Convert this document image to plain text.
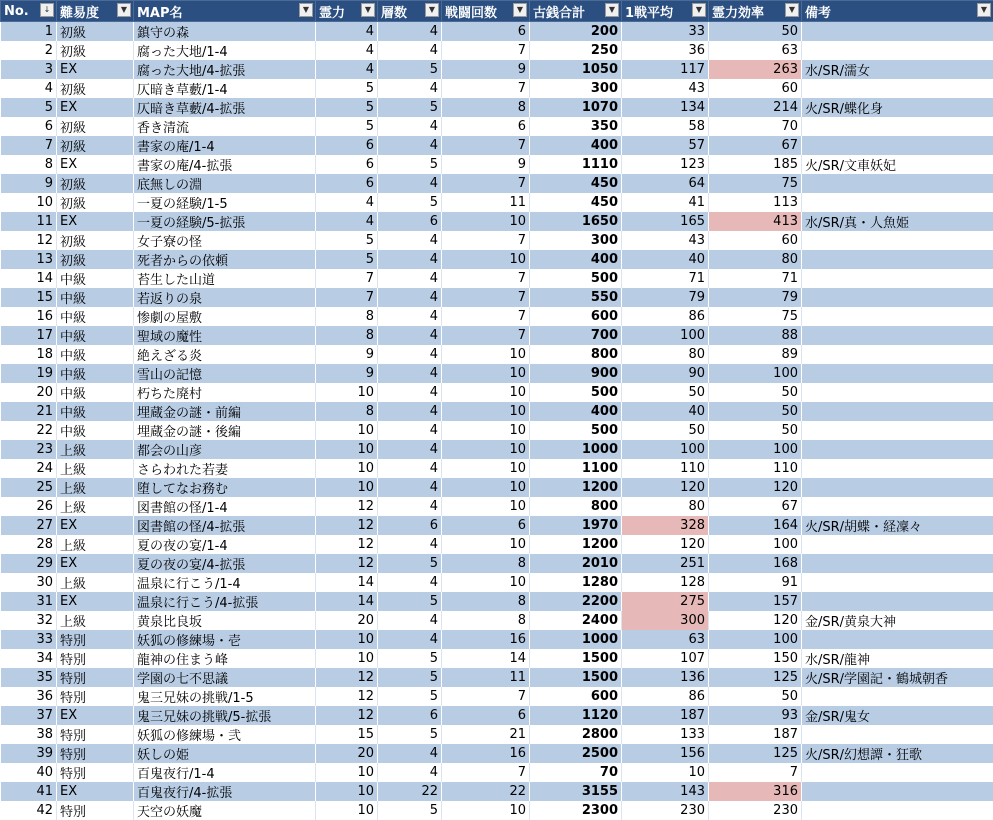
No. ↓	難易度 ▼	MAP名 ▼	霊力 ▼	層数 ▼	戦闘回数 ▼	古銭合計 ▼	1戦平均 ▼	霊力効率 ▼	備考 ▼

1	初級	鎮守の森	4	4	6	200	33	50	
2	初級	腐った大地/1-4	4	4	7	250	36	63	
3	EX	腐った大地/4-拡張	4	5	9	1050	117	263	水/SR/濡女
4	初級	仄暗き草藪/1-4	5	4	7	300	43	60	
5	EX	仄暗き草藪/4-拡張	5	5	8	1070	134	214	火/SR/蝶化身
6	初級	香き清流	5	4	6	350	58	70	
7	初級	書家の庵/1-4	6	4	7	400	57	67	
8	EX	書家の庵/4-拡張	6	5	9	1110	123	185	火/SR/文車妖妃
9	初級	底無しの淵	6	4	7	450	64	75	
10	初級	一夏の経験/1-5	4	5	11	450	41	113	
11	EX	一夏の経験/5-拡張	4	6	10	1650	165	413	水/SR/真・人魚姫
12	初級	女子寮の怪	5	4	7	300	43	60	
13	初級	死者からの依頼	5	4	10	400	40	80	
14	中級	苔生した山道	7	4	7	500	71	71	
15	中級	若返りの泉	7	4	7	550	79	79	
16	中級	惨劇の屋敷	8	4	7	600	86	75	
17	中級	聖域の魔性	8	4	7	700	100	88	
18	中級	絶えざる炎	9	4	10	800	80	89	
19	中級	雪山の記憶	9	4	10	900	90	100	
20	中級	朽ちた廃村	10	4	10	500	50	50	
21	中級	埋蔵金の謎・前編	8	4	10	400	40	50	
22	中級	埋蔵金の謎・後編	10	4	10	500	50	50	
23	上級	都会の山彦	10	4	10	1000	100	100	
24	上級	さらわれた若妻	10	4	10	1100	110	110	
25	上級	堕してなお務む	10	4	10	1200	120	120	
26	上級	図書館の怪/1-4	12	4	10	800	80	67	
27	EX	図書館の怪/4-拡張	12	6	6	1970	328	164	火/SR/胡蝶・経凜々
28	上級	夏の夜の宴/1-4	12	4	10	1200	120	100	
29	EX	夏の夜の宴/4-拡張	12	5	8	2010	251	168	
30	上級	温泉に行こう/1-4	14	4	10	1280	128	91	
31	EX	温泉に行こう/4-拡張	14	5	8	2200	275	157	
32	上級	黄泉比良坂	20	4	8	2400	300	120	金/SR/黄泉大神
33	特別	妖狐の修練場・壱	10	4	16	1000	63	100	
34	特別	龍神の住まう峰	10	5	14	1500	107	150	水/SR/龍神
35	特別	学園の七不思議	12	5	11	1500	136	125	火/SR/学園記・鶴城朝香
36	特別	鬼三兄妹の挑戦/1-5	12	5	7	600	86	50	
37	EX	鬼三兄妹の挑戦/5-拡張	12	6	6	1120	187	93	金/SR/鬼女
38	特別	妖狐の修練場・弐	15	5	21	2800	133	187	
39	特別	妖しの姫	20	4	16	2500	156	125	火/SR/幻想譚・狂歌
40	特別	百鬼夜行/1-4	10	4	7	70	10	7	
41	EX	百鬼夜行/4-拡張	10	22	22	3155	143	316	
42	特別	天空の妖魔	10	5	10	2300	230	230	
